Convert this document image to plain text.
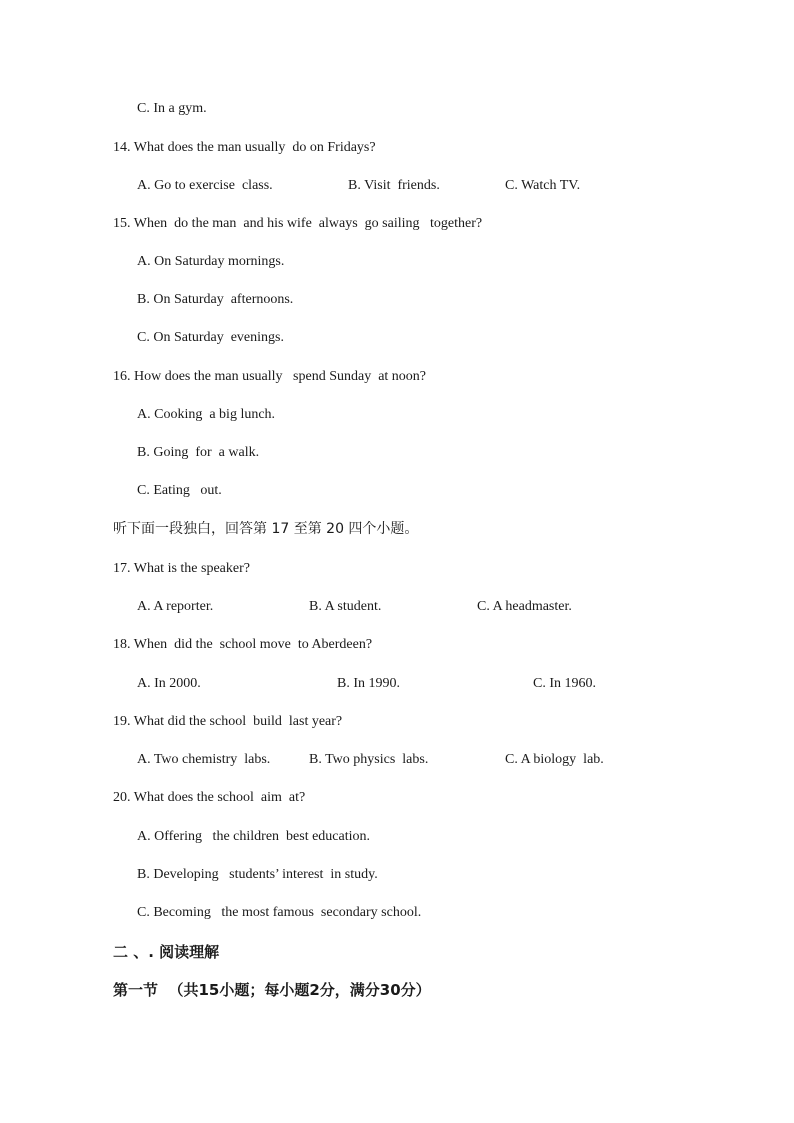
C. In a gym.
14. What does the man usually  do on Fridays?
A. Go to exercise  class.	B. Visit  friends.	C. Watch TV.
15. When  do the man  and his wife  always  go sailing   together?
A. On Saturday mornings.
B. On Saturday  afternoons.
C. On Saturday  evenings.
16. How does the man usually   spend Sunday  at noon?
A. Cooking  a big lunch.
B. Going  for  a walk.
C. Eating   out.
听下面一段独白，回答第 17 至第 20 四个小题。
17. What is the speaker?
A. A reporter.	B. A student.	C. A headmaster.
18. When  did the  school move  to Aberdeen?
A. In 2000.	B. In 1990.	C. In 1960.
19. What did the school  build  last year?
A. Two chemistry  labs.	B. Two physics  labs.	C. A biology  lab.
20. What does the school  aim  at?
A. Offering   the children  best education.
B. Developing   students’ interest  in study.
C. Becoming   the most famous  secondary school.
二 、. 阅读理解
第一节  （共15小题；每小题2分，满分30分）
